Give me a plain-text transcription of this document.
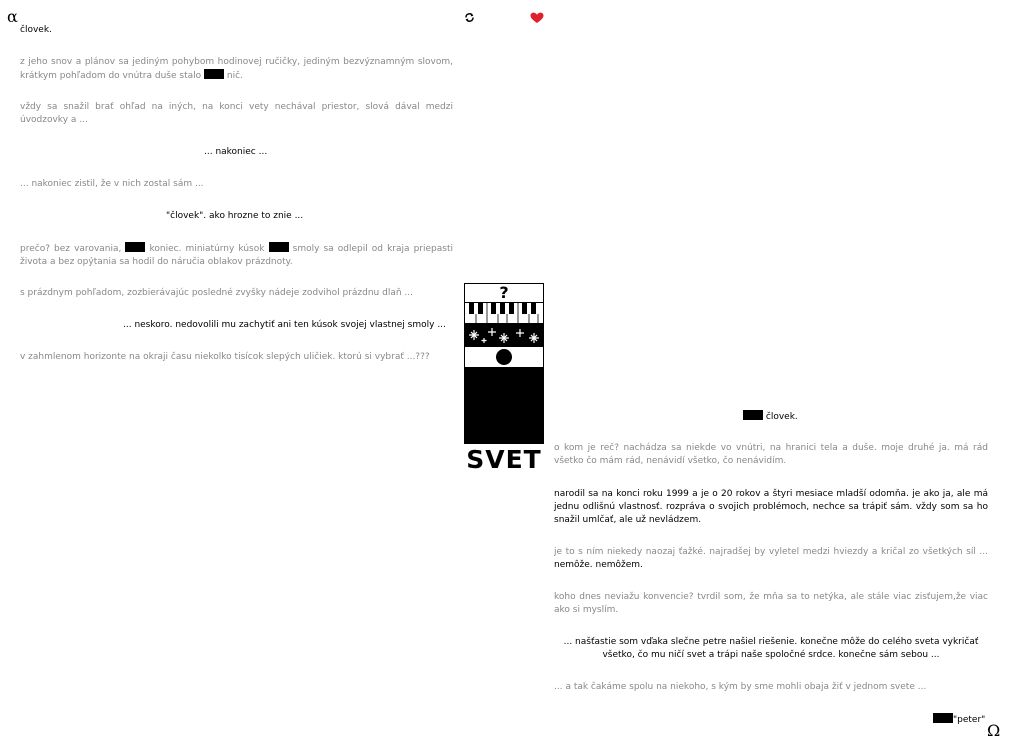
α
Ω
človek.

z jeho snov a plánov sa jediným pohybom hodinovej ručičky, jediným bezvýznamným slovom, krátkym pohľadom do vnútra duše stalo	nič.

vždy sa snažil brať ohľad na iných, na konci vety nechával priestor, slová dával medzi úvodzovky a ...

... nakoniec ...

... nakoniec zistil, že v nich zostal sám ...

"človek". ako hrozne to znie ...

prečo? bez varovania,	koniec. miniatúrny kúsok	smoly sa odlepil od kraja priepasti života a bez opýtania sa hodil do náručia oblakov prázdnoty.

s prázdnym pohľadom, zozbierávajúc posledné zvyšky nádeje zodvihol prázdnu dlaň ...

... neskoro. nedovolili mu zachytiť ani ten kúsok svojej vlastnej smoly ...

v zahmlenom horizonte na okraji času niekolko tisícok slepých uličiek. ktorú si vybrať ...???

?
SVET
človek.

o kom je reč? nachádza sa niekde vo vnútri, na hranici tela a duše. moje druhé ja. má rád všetko čo mám rád, nenávidí všetko, čo nenávidím.

narodil sa na konci roku 1999 a je o 20 rokov a štyri mesiace mladší odomňa. je ako ja, ale má jednu odlišnú vlastnosť. rozpráva o svojich problémoch, nechce sa trápiť sám. vždy som sa ho snažil umlčať, ale už nevládzem.

je to s ním niekedy naozaj ťažké. najradšej by vyletel medzi hviezdy a kričal zo všetkých síl ... nemôže. nemôžem.

koho dnes neviažu konvencie? tvrdil som, že mňa sa to netýka, ale stále viac zisťujem,že viac ako si myslím.

... našťastie som vďaka slečne petre našiel riešenie. konečne môže do celého sveta vykričať
všetko, čo mu ničí svet a trápi naše spoločné srdce. konečne sám sebou ...

... a tak čakáme spolu na niekoho, s kým by sme mohli obaja žiť v jednom svete ...

"peter"
